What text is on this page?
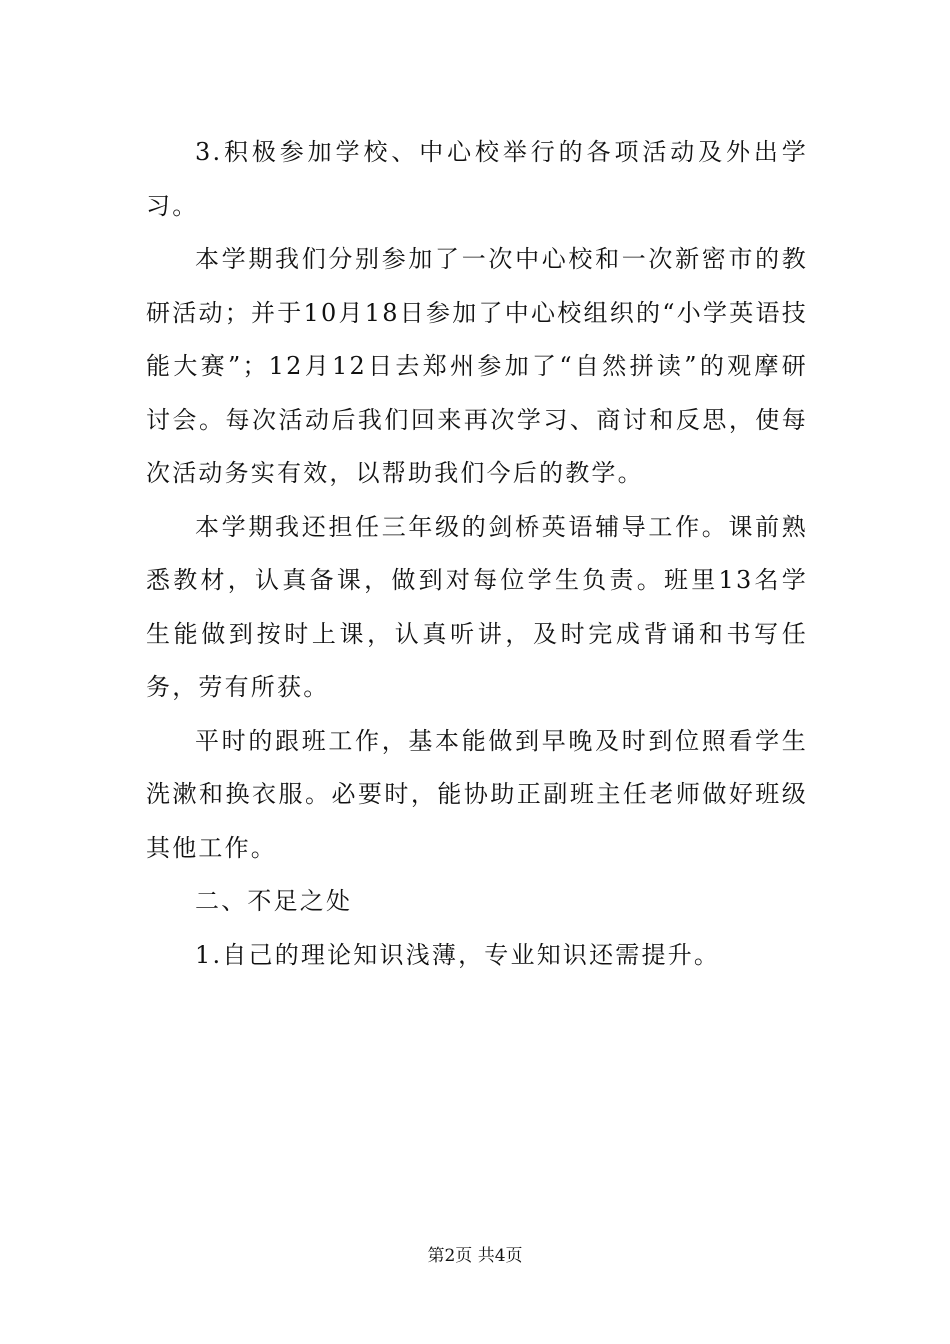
3.积极参加学校、中心校举行的各项活动及外出学习。

本学期我们分别参加了一次中心校和一次新密市的教研活动；并于10月18日参加了中心校组织的“小学英语技能大赛”；12月12日去郑州参加了“自然拼读”的观摩研讨会。每次活动后我们回来再次学习、商讨和反思，使每次活动务实有效，以帮助我们今后的教学。

本学期我还担任三年级的剑桥英语辅导工作。课前熟悉教材，认真备课，做到对每位学生负责。班里13名学生能做到按时上课，认真听讲，及时完成背诵和书写任务，劳有所获。

平时的跟班工作，基本能做到早晚及时到位照看学生洗漱和换衣服。必要时，能协助正副班主任老师做好班级其他工作。

二、不足之处

1.自己的理论知识浅薄，专业知识还需提升。

第2页 共4页
